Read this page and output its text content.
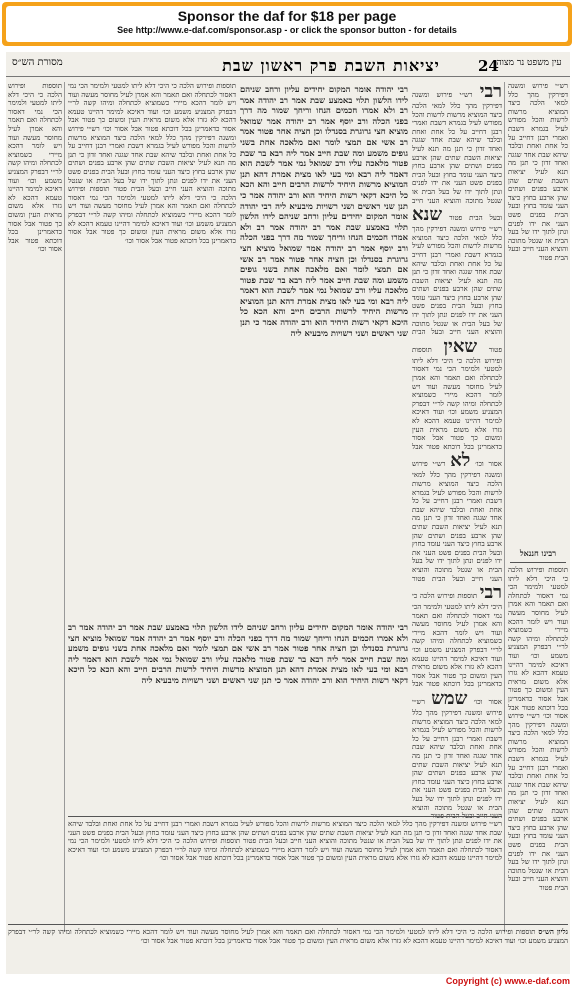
Sponsor the daf for $18 per page
See http://www.e-daf.com/sponsor.asp - or click the sponsor button - for details
מסורת הש״ס	יציאות השבת פרק ראשון שבת	24
עין משפט נר מצוה
תוספות ופירוש הלכה כי היכי דלא ליתו למטעי ולמימר הכי נמי דאסור לכתחלה ואם תאמר והא אמרן לעיל מחוסר מעשה ועוד ויש לומר דהכא מיירי כשמוציא לכתחלה ומיהו קשה לר״י דבפרק המצניע משמע וכו׳ ועוד דאיכא למימר דהיינו טעמא דהכא לא גזרו אלא משום מראית העין ומשום כך פטור אבל אסור כדאמרינן בכל דוכתא פטור אבל אסור וכו׳
תוספות ופירוש הלכה כי היכי דלא ליתו למטעי ולמימר הכי נמי דאסור לכתחלה ואם תאמר והא אמרן לעיל מחוסר מעשה ועוד ויש לומר דהכא מיירי כשמוציא לכתחלה ומיהו קשה לר״י דבפרק המצניע משמע וכו׳ ועוד דאיכא למימר דהיינו טעמא דהכא לא גזרו אלא משום מראית העין ומשום כך פטור אבל אסור כדאמרינן בכל דוכתא פטור אבל אסור וכו׳ רש״י פירוש ומשנה דפירקין מהך כלל למאי הלכה כיצד המוציא מרשות לרשות והכל מפורש לעיל בגמרא דשבת ואמרי רבנן דחייב על כל אחת ואחת ובלבד שיהא שבת אחד שגגה ואחד זדון כי תנן מה תנא לעיל יציאות השבת שתים שהן ארבע בפנים ושתים שהן ארבע בחוץ כיצד העני עומד בחוץ ובעל הבית בפנים פשט העני את ידו לפנים ונתן לתוך ידו של בעל הבית או שנטל מתוכה והוציא העני חייב ובעל הבית פטור תוספות ופירוש הלכה כי היכי דלא ליתו למטעי ולמימר הכי נמי דאסור לכתחלה ואם תאמר והא אמרן לעיל מחוסר מעשה ועוד ויש לומר דהכא מיירי כשמוציא לכתחלה ומיהו קשה לר״י דבפרק המצניע משמע וכו׳ ועוד דאיכא למימר דהיינו טעמא דהכא לא גזרו אלא משום מראית העין ומשום כך פטור אבל אסור כדאמרינן בכל דוכתא פטור אבל אסור וכו׳
רבי יהודה אומר המקום יחידים עליון ורחב שניהם לידו הלשון תלוי באמצע שבת אמר רב יהודה אמר רב ולא אמרו חכמים הנחו וריחך שמור מה דרך בפני הכלה ורב יוסף אמר רב יהודה אמר שמואל מוציא חצי גרוגרת בסנדלו וכן חציה אחר פטור אמר רב אשי אם תמצי לומר ואם מלאכה אחת בשני גופים משמע ומה שבת חייב אמר ליה רבא בר שבת פטור מלאכה עליו ורב שמואל נמי אמר לשבת הוא דאמר ליה רבא ומי בעי לאו מצית אמרת דהא תנן המוציא מרשות היחיד לרשות הרבים חייב והא הכא כל היכא דקאי רשות היחיד הוא ורב יהודה אמר כי תנן שני ראשים ושני רשויות מיבעיא ליה רבי יהודה אומר המקום יחידים עליון ורחב שניהם לידו הלשון תלוי באמצע שבת אמר רב יהודה אמר רב ולא אמרו חכמים הנחו וריחך שמור מה דרך בפני הכלה ורב יוסף אמר רב יהודה אמר שמואל מוציא חצי גרוגרת בסנדלו וכן חציה אחר פטור אמר רב אשי אם תמצי לומר ואם מלאכה אחת בשני גופים משמע ומה שבת חייב אמר ליה רבא בר שבת פטור מלאכה עליו ורב שמואל נמי אמר לשבת הוא דאמר ליה רבא ומי בעי לאו מצית אמרת דהא תנן המוציא מרשות היחיד לרשות הרבים חייב והא הכא כל היכא דקאי רשות היחיד הוא ורב יהודה אמר כי תנן שני ראשים ושני רשויות מיבעיא ליה
רבי יהודה אומר המקום יחידים עליון ורחב שניהם לידו הלשון תלוי באמצע שבת אמר רב יהודה אמר רב ולא אמרו חכמים הנחו וריחך שמור מה דרך בפני הכלה ורב יוסף אמר רב יהודה אמר שמואל מוציא חצי גרוגרת בסנדלו וכן חציה אחר פטור אמר רב אשי אם תמצי לומר ואם מלאכה אחת בשני גופים משמע ומה שבת חייב אמר ליה רבא בר שבת פטור מלאכה עליו ורב שמואל נמי אמר לשבת הוא דאמר ליה רבא ומי בעי לאו מצית אמרת דהא תנן המוציא מרשות היחיד לרשות הרבים חייב והא הכא כל היכא דקאי רשות היחיד הוא ורב יהודה אמר כי תנן שני ראשים ושני רשויות מיבעיא ליה
רבי רש״י פירוש ומשנה דפירקין מהך כלל למאי הלכה כיצד המוציא מרשות לרשות והכל מפורש לעיל בגמרא דשבת ואמרי רבנן דחייב על כל אחת ואחת ובלבד שיהא שבת אחד שגגה ואחד זדון כי תנן מה תנא לעיל יציאות השבת שתים שהן ארבע בפנים ושתים שהן ארבע בחוץ כיצד העני עומד בחוץ ובעל הבית בפנים פשט העני את ידו לפנים ונתן לתוך ידו של בעל הבית או שנטל מתוכה והוציא העני חייב ובעל הבית פטור שנא רש״י פירוש ומשנה דפירקין מהך כלל למאי הלכה כיצד המוציא מרשות לרשות והכל מפורש לעיל בגמרא דשבת ואמרי רבנן דחייב על כל אחת ואחת ובלבד שיהא שבת אחד שגגה ואחד זדון כי תנן מה תנא לעיל יציאות השבת שתים שהן ארבע בפנים ושתים שהן ארבע בחוץ כיצד העני עומד בחוץ ובעל הבית בפנים פשט העני את ידו לפנים ונתן לתוך ידו של בעל הבית או שנטל מתוכה והוציא העני חייב ובעל הבית פטור שאין תוספות ופירוש הלכה כי היכי דלא ליתו למטעי ולמימר הכי נמי דאסור לכתחלה ואם תאמר והא אמרן לעיל מחוסר מעשה ועוד ויש לומר דהכא מיירי כשמוציא לכתחלה ומיהו קשה לר״י דבפרק המצניע משמע וכו׳ ועוד דאיכא למימר דהיינו טעמא דהכא לא גזרו אלא משום מראית העין ומשום כך פטור אבל אסור כדאמרינן בכל דוכתא פטור אבל אסור וכו׳ לא רש״י פירוש ומשנה דפירקין מהך כלל למאי הלכה כיצד המוציא מרשות לרשות והכל מפורש לעיל בגמרא דשבת ואמרי רבנן דחייב על כל אחת ואחת ובלבד שיהא שבת אחד שגגה ואחד זדון כי תנן מה תנא לעיל יציאות השבת שתים שהן ארבע בפנים ושתים שהן ארבע בחוץ כיצד העני עומד בחוץ ובעל הבית בפנים פשט העני את ידו לפנים ונתן לתוך ידו של בעל הבית או שנטל מתוכה והוציא העני חייב ובעל הבית פטור רבי תוספות ופירוש הלכה כי היכי דלא ליתו למטעי ולמימר הכי נמי דאסור לכתחלה ואם תאמר והא אמרן לעיל מחוסר מעשה ועוד ויש לומר דהכא מיירי כשמוציא לכתחלה ומיהו קשה לר״י דבפרק המצניע משמע וכו׳ ועוד דאיכא למימר דהיינו טעמא דהכא לא גזרו אלא משום מראית העין ומשום כך פטור אבל אסור כדאמרינן בכל דוכתא פטור אבל אסור וכו׳ שמש רש״י פירוש ומשנה דפירקין מהך כלל למאי הלכה כיצד המוציא מרשות לרשות והכל מפורש לעיל בגמרא דשבת ואמרי רבנן דחייב על כל אחת ואחת ובלבד שיהא שבת אחד שגגה ואחד זדון כי תנן מה תנא לעיל יציאות השבת שתים שהן ארבע בפנים ושתים שהן ארבע בחוץ כיצד העני עומד בחוץ ובעל הבית בפנים פשט העני את ידו לפנים ונתן לתוך ידו של בעל הבית או שנטל מתוכה והוציא העני חייב ובעל הבית פטור
רש״י פירוש ומשנה דפירקין מהך כלל למאי הלכה כיצד המוציא מרשות לרשות והכל מפורש לעיל בגמרא דשבת ואמרי רבנן דחייב על כל אחת ואחת ובלבד שיהא שבת אחד שגגה ואחד זדון כי תנן מה תנא לעיל יציאות השבת שתים שהן ארבע בפנים ושתים שהן ארבע בחוץ כיצד העני עומד בחוץ ובעל הבית בפנים פשט העני את ידו לפנים ונתן לתוך ידו של בעל הבית או שנטל מתוכה והוציא העני חייב ובעל הבית פטור
רבינו חננאל
תוספות ופירוש הלכה כי היכי דלא ליתו למטעי ולמימר הכי נמי דאסור לכתחלה ואם תאמר והא אמרן לעיל מחוסר מעשה ועוד ויש לומר דהכא מיירי כשמוציא לכתחלה ומיהו קשה לר״י דבפרק המצניע משמע וכו׳ ועוד דאיכא למימר דהיינו טעמא דהכא לא גזרו אלא משום מראית העין ומשום כך פטור אבל אסור כדאמרינן בכל דוכתא פטור אבל אסור וכו׳ רש״י פירוש ומשנה דפירקין מהך כלל למאי הלכה כיצד המוציא מרשות לרשות והכל מפורש לעיל בגמרא דשבת ואמרי רבנן דחייב על כל אחת ואחת ובלבד שיהא שבת אחד שגגה ואחד זדון כי תנן מה תנא לעיל יציאות השבת שתים שהן ארבע בפנים ושתים שהן ארבע בחוץ כיצד העני עומד בחוץ ובעל הבית בפנים פשט העני את ידו לפנים ונתן לתוך ידו של בעל הבית או שנטל מתוכה והוציא העני חייב ובעל הבית פטור
רש״י פירוש ומשנה דפירקין מהך כלל למאי הלכה כיצד המוציא מרשות לרשות והכל מפורש לעיל בגמרא דשבת ואמרי רבנן דחייב על כל אחת ואחת ובלבד שיהא שבת אחד שגגה ואחד זדון כי תנן מה תנא לעיל יציאות השבת שתים שהן ארבע בפנים ושתים שהן ארבע בחוץ כיצד העני עומד בחוץ ובעל הבית בפנים פשט העני את ידו לפנים ונתן לתוך ידו של בעל הבית או שנטל מתוכה והוציא העני חייב ובעל הבית פטור תוספות ופירוש הלכה כי היכי דלא ליתו למטעי ולמימר הכי נמי דאסור לכתחלה ואם תאמר והא אמרן לעיל מחוסר מעשה ועוד ויש לומר דהכא מיירי כשמוציא לכתחלה ומיהו קשה לר״י דבפרק המצניע משמע וכו׳ ועוד דאיכא למימר דהיינו טעמא דהכא לא גזרו אלא משום מראית העין ומשום כך פטור אבל אסור כדאמרינן בכל דוכתא פטור אבל אסור וכו׳
גליון הש״ס תוספות ופירוש הלכה כי היכי דלא ליתו למטעי ולמימר הכי נמי דאסור לכתחלה ואם תאמר והא אמרן לעיל מחוסר מעשה ועוד ויש לומר דהכא מיירי כשמוציא לכתחלה ומיהו קשה לר״י דבפרק המצניע משמע וכו׳ ועוד דאיכא למימר דהיינו טעמא דהכא לא גזרו אלא משום מראית העין ומשום כך פטור אבל אסור כדאמרינן בכל דוכתא פטור אבל אסור וכו׳
Copyright (c) www.e-daf.com
